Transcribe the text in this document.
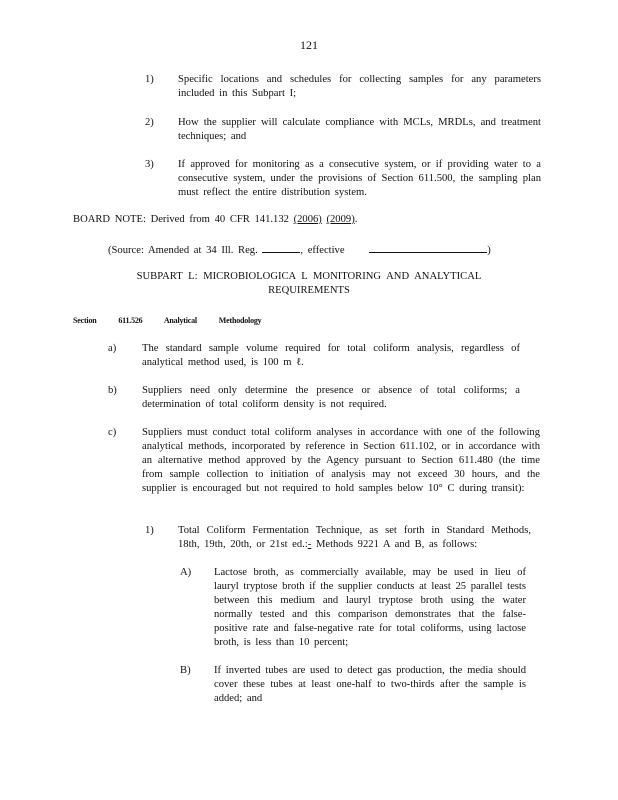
121
1) Specific locations and schedules for collecting samples for any parameters included in this Subpart I;
2) How the supplier will calculate compliance with MCLs, MRDLs, and treatment techniques; and
3) If approved for monitoring as a consecutive system, or if providing water to a consecutive system, under the provisions of Section 611.500, the sampling plan must reflect the entire distribution system.
BOARD NOTE: Derived from 40 CFR 141.132 (2006) (2009).
(Source: Amended at 34 Ill. Reg.	, effective	)
SUBPART L: MICROBIOLOGICA L MONITORING AND ANALYTICAL
REQUIREMENTS
Section	611.526	Analytical	Methodology
a) The standard sample volume required for total coliform analysis, regardless of analytical method used, is 100 m ℓ.
b) Suppliers need only determine the presence or absence of total coliforms; a determination of total coliform density is not required.
c) Suppliers must conduct total coliform analyses in accordance with one of the following analytical methods, incorporated by reference in Section 611.102, or in accordance with an alternative method approved by the Agency pursuant to Section 611.480 (the time from sample collection to initiation of analysis may not exceed 30 hours, and the supplier is encouraged but not required to hold samples below 10° C during transit):
1) Total Coliform Fermentation Technique, as set forth in Standard Methods, 18th, 19th, 20th, or 21st ed.:- Methods 9221 A and B, as follows:
A) Lactose broth, as commercially available, may be used in lieu of lauryl tryptose broth if the supplier conducts at least 25 parallel tests between this medium and lauryl tryptose broth using the water normally tested and this comparison demonstrates that the false-positive rate and false-negative rate for total coliforms, using lactose broth, is less than 10 percent;
B) If inverted tubes are used to detect gas production, the media should cover these tubes at least one-half to two-thirds after the sample is added; and
